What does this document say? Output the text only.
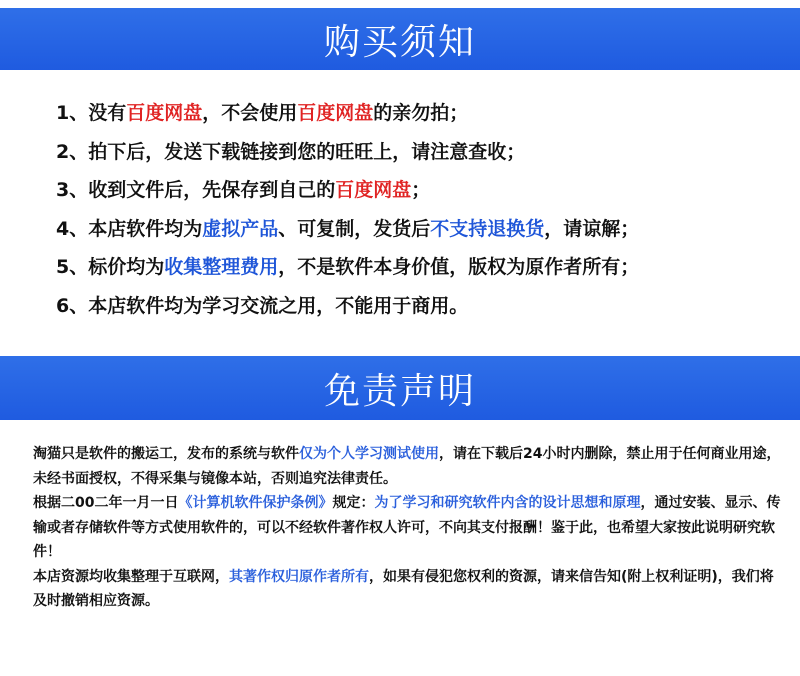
购买须知
1、没有百度网盘，不会使用百度网盘的亲勿拍；
2、拍下后，发送下载链接到您的旺旺上，请注意查收；
3、收到文件后，先保存到自己的百度网盘；
4、本店软件均为虚拟产品、可复制，发货后不支持退换货，请谅解；
5、标价均为收集整理费用，不是软件本身价值，版权为原作者所有；
6、本店软件均为学习交流之用，不能用于商用。
免责声明

淘猫只是软件的搬运工，发布的系统与软件仅为个人学习测试使用，请在下载后24小时内删除，禁止用于任何商业用途，未经书面授权，不得采集与镜像本站，否则追究法律责任。

根据二00二年一月一日《计算机软件保护条例》规定：为了学习和研究软件内含的设计思想和原理，通过安装、显示、传输或者存储软件等方式使用软件的，可以不经软件著作权人许可，不向其支付报酬！鉴于此，也希望大家按此说明研究软件！

本店资源均收集整理于互联网，其著作权归原作者所有，如果有侵犯您权利的资源，请来信告知(附上权利证明)，我们将及时撤销相应资源。
